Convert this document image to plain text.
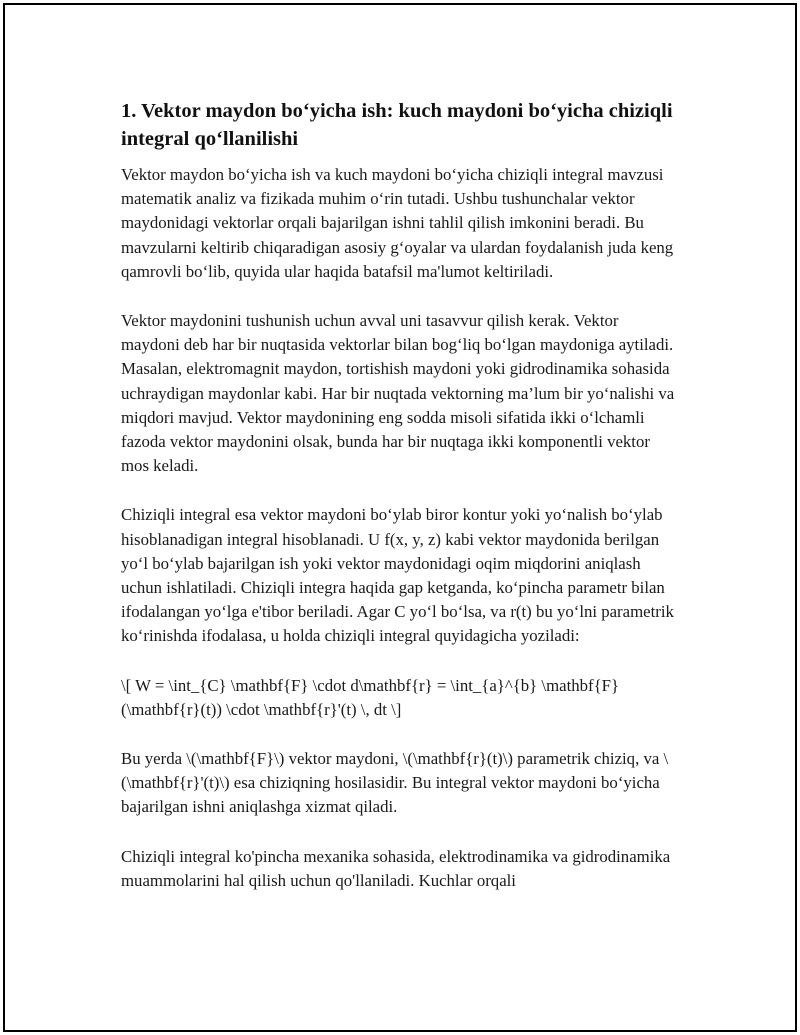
1. Vektor maydon bo‘yicha ish: kuch maydoni bo‘yicha chiziqli integral qo‘llanilishi

Vektor maydon bo‘yicha ish va kuch maydoni bo‘yicha chiziqli integral mavzusi matematik analiz va fizikada muhim o‘rin tutadi. Ushbu tushunchalar vektor maydonidagi vektorlar orqali bajarilgan ishni tahlil qilish imkonini beradi. Bu mavzularni keltirib chiqaradigan asosiy g‘oyalar va ulardan foydalanish juda keng qamrovli bo‘lib, quyida ular haqida batafsil ma'lumot keltiriladi.

Vektor maydonini tushunish uchun avval uni tasavvur qilish kerak. Vektor maydoni deb har bir nuqtasida vektorlar bilan bog‘liq bo‘lgan maydoniga aytiladi. Masalan, elektromagnit maydon, tortishish maydoni yoki gidrodinamika sohasida uchraydigan maydonlar kabi. Har bir nuqtada vektorning ma’lum bir yo‘nalishi va miqdori mavjud. Vektor maydonining eng sodda misoli sifatida ikki o‘lchamli fazoda vektor maydonini olsak, bunda har bir nuqtaga ikki komponentli vektor mos keladi.

Chiziqli integral esa vektor maydoni bo‘ylab biror kontur yoki yo‘nalish bo‘ylab hisoblanadigan integral hisoblanadi. U f(x, y, z) kabi vektor maydonida berilgan yo‘l bo‘ylab bajarilgan ish yoki vektor maydonidagi oqim miqdorini aniqlash uchun ishlatiladi. Chiziqli integra haqida gap ketganda, ko‘pincha parametr bilan ifodalangan yo‘lga e'tibor beriladi. Agar C yo‘l bo‘lsa, va r(t) bu yo‘lni parametrik ko‘rinishda ifodalasa, u holda chiziqli integral quyidagicha yoziladi:

\[ W = \int_{C} \mathbf{F} \cdot d\mathbf{r} = \int_{a}^{b} \mathbf{F}(\mathbf{r}(t)) \cdot \mathbf{r}'(t) \, dt \]

Bu yerda \(\mathbf{F}\) vektor maydoni, \(\mathbf{r}(t)\) parametrik chiziq, va \(\mathbf{r}'(t)\) esa chiziqning hosilasidir. Bu integral vektor maydoni bo‘yicha bajarilgan ishni aniqlashga xizmat qiladi.

Chiziqli integral ko'pincha mexanika sohasida, elektrodinamika va gidrodinamika muammolarini hal qilish uchun qo'llaniladi. Kuchlar orqali
